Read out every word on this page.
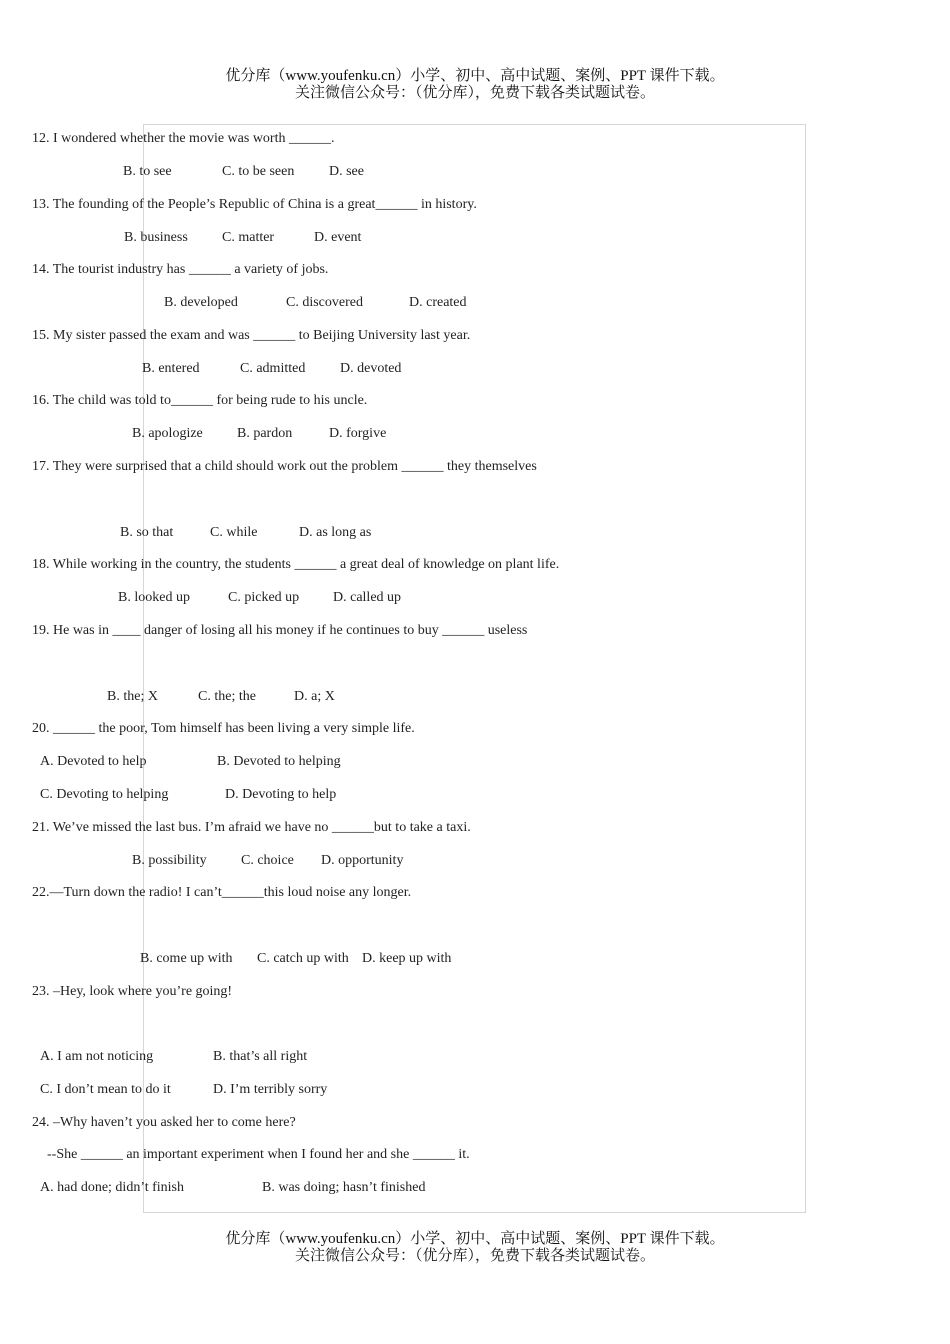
优分库（www.youfenku.cn）小学、初中、高中试题、案例、PPT 课件下载。
关注微信公众号：（优分库），免费下载各类试题试卷。
12. I wondered whether the movie was worth ______.
B. to see	C. to be seen D. see
13. The founding of the People’s Republic of China is a great______ in history.
B. business C. matter	D. event
14. The tourist industry has ______ a variety of jobs.
B. developed	C. discovered	D. created
15. My sister passed the exam and was ______ to Beijing University last year.
B. entered	C. admitted D. devoted
16. The child was told to______ for being rude to his uncle.
B. apologize B. pardon	D. forgive
17. They were surprised that a child should work out the problem ______ they themselves
B. so that	C. while	D. as long as
18. While working in the country, the students ______ a great deal of knowledge on plant life.
B. looked up	C. picked up D. called up
19. He was in ____ danger of losing all his money if he continues to buy ______ useless
B. the; X	C. the; the	D. a; X
20. ______ the poor, Tom himself has been living a very simple life.
A. Devoted to help	B. Devoted to helping
C. Devoting to helping	D. Devoting to help
21. We’ve missed the last bus. I’m afraid we have no ______but to take a taxi.
B. possibility C. choice D. opportunity
22.—Turn down the radio! I can’t______this loud noise any longer.
B. come up with C. catch up with D. keep up with
23. –Hey, look where you’re going!
A. I am not noticing	B. that’s all right
C. I don’t mean to do it	D. I’m terribly sorry
24. –Why haven’t you asked her to come here?
--She ______ an important experiment when I found her and she ______ it.
A. had done; didn’t finish	B. was doing; hasn’t finished
优分库（www.youfenku.cn）小学、初中、高中试题、案例、PPT 课件下载。
关注微信公众号：（优分库），免费下载各类试题试卷。
